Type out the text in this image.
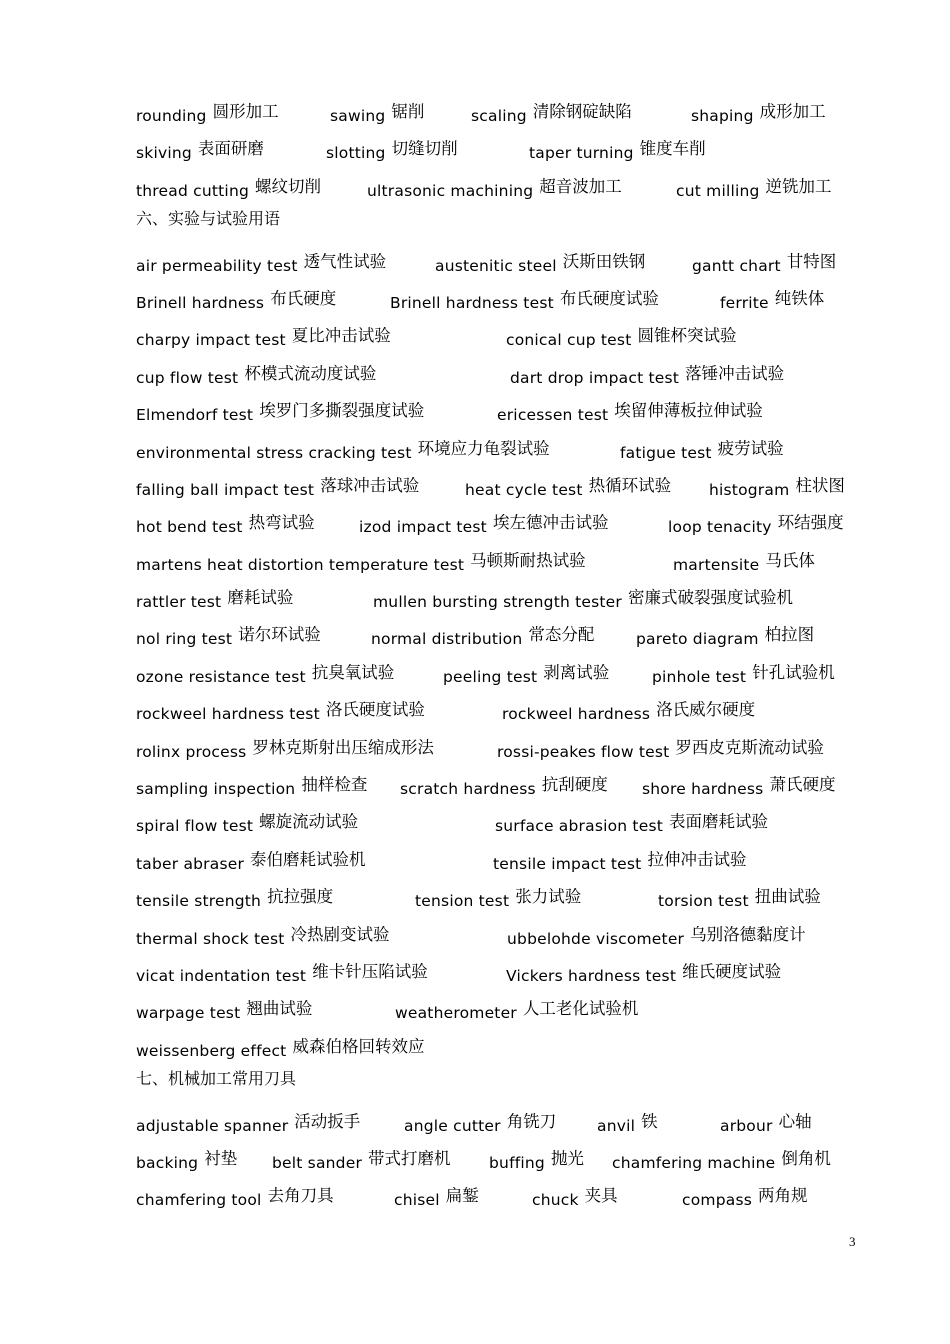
rounding 圆形加工	sawing 锯削	scaling 清除钢碇缺陷	shaping 成形加工
skiving 表面研磨	slotting 切缝切削	taper turning 锥度车削
thread cutting 螺纹切削	ultrasonic machining 超音波加工	cut milling 逆铣加工
六、实验与试验用语
air permeability test 透气性试验	austenitic steel 沃斯田铁钢	gantt chart 甘特图
Brinell hardness 布氏硬度	Brinell hardness test 布氏硬度试验	ferrite 纯铁体
charpy impact test 夏比冲击试验	conical cup test 圆锥杯突试验
cup flow test 杯模式流动度试验	dart drop impact test 落锤冲击试验
Elmendorf test 埃罗门多撕裂强度试验	ericessen test 埃留伸薄板拉伸试验
environmental stress cracking test 环境应力龟裂试验	fatigue test 疲劳试验
falling ball impact test 落球冲击试验	heat cycle test 热循环试验 histogram 柱状图
hot bend test 热弯试验	izod impact test 埃左德冲击试验	loop tenacity 环结强度
martens heat distortion temperature test 马顿斯耐热试验	martensite 马氏体
rattler test 磨耗试验	mullen bursting strength tester 密廉式破裂强度试验机
nol ring test 诺尔环试验	normal distribution 常态分配	pareto diagram 柏拉图
ozone resistance test 抗臭氧试验	peeling test 剥离试验	pinhole test 针孔试验机
rockweel hardness test 洛氏硬度试验	rockweel hardness 洛氏威尔硬度
rolinx process 罗林克斯射出压缩成形法	rossi-peakes flow test 罗西皮克斯流动试验
sampling inspection 抽样检查 scratch hardness 抗刮硬度 shore hardness 萧氏硬度
spiral flow test 螺旋流动试验	surface abrasion test 表面磨耗试验
taber abraser 泰伯磨耗试验机	tensile impact test 拉伸冲击试验
tensile strength 抗拉强度	tension test 张力试验	torsion test 扭曲试验
thermal shock test 冷热剧变试验	ubbelohde viscometer 乌别洛德黏度计
vicat indentation test 维卡针压陷试验	Vickers hardness test 维氏硬度试验
warpage test 翘曲试验	weatherometer 人工老化试验机
weissenberg effect 威森伯格回转效应
七、机械加工常用刀具
adjustable spanner 活动扳手	angle cutter 角铣刀	anvil 铁	arbour 心轴
backing 衬垫 belt sander 带式打磨机 buffing 抛光 chamfering machine 倒角机
chamfering tool 去角刀具	chisel 扁錾	chuck 夹具	compass 两角规
3
